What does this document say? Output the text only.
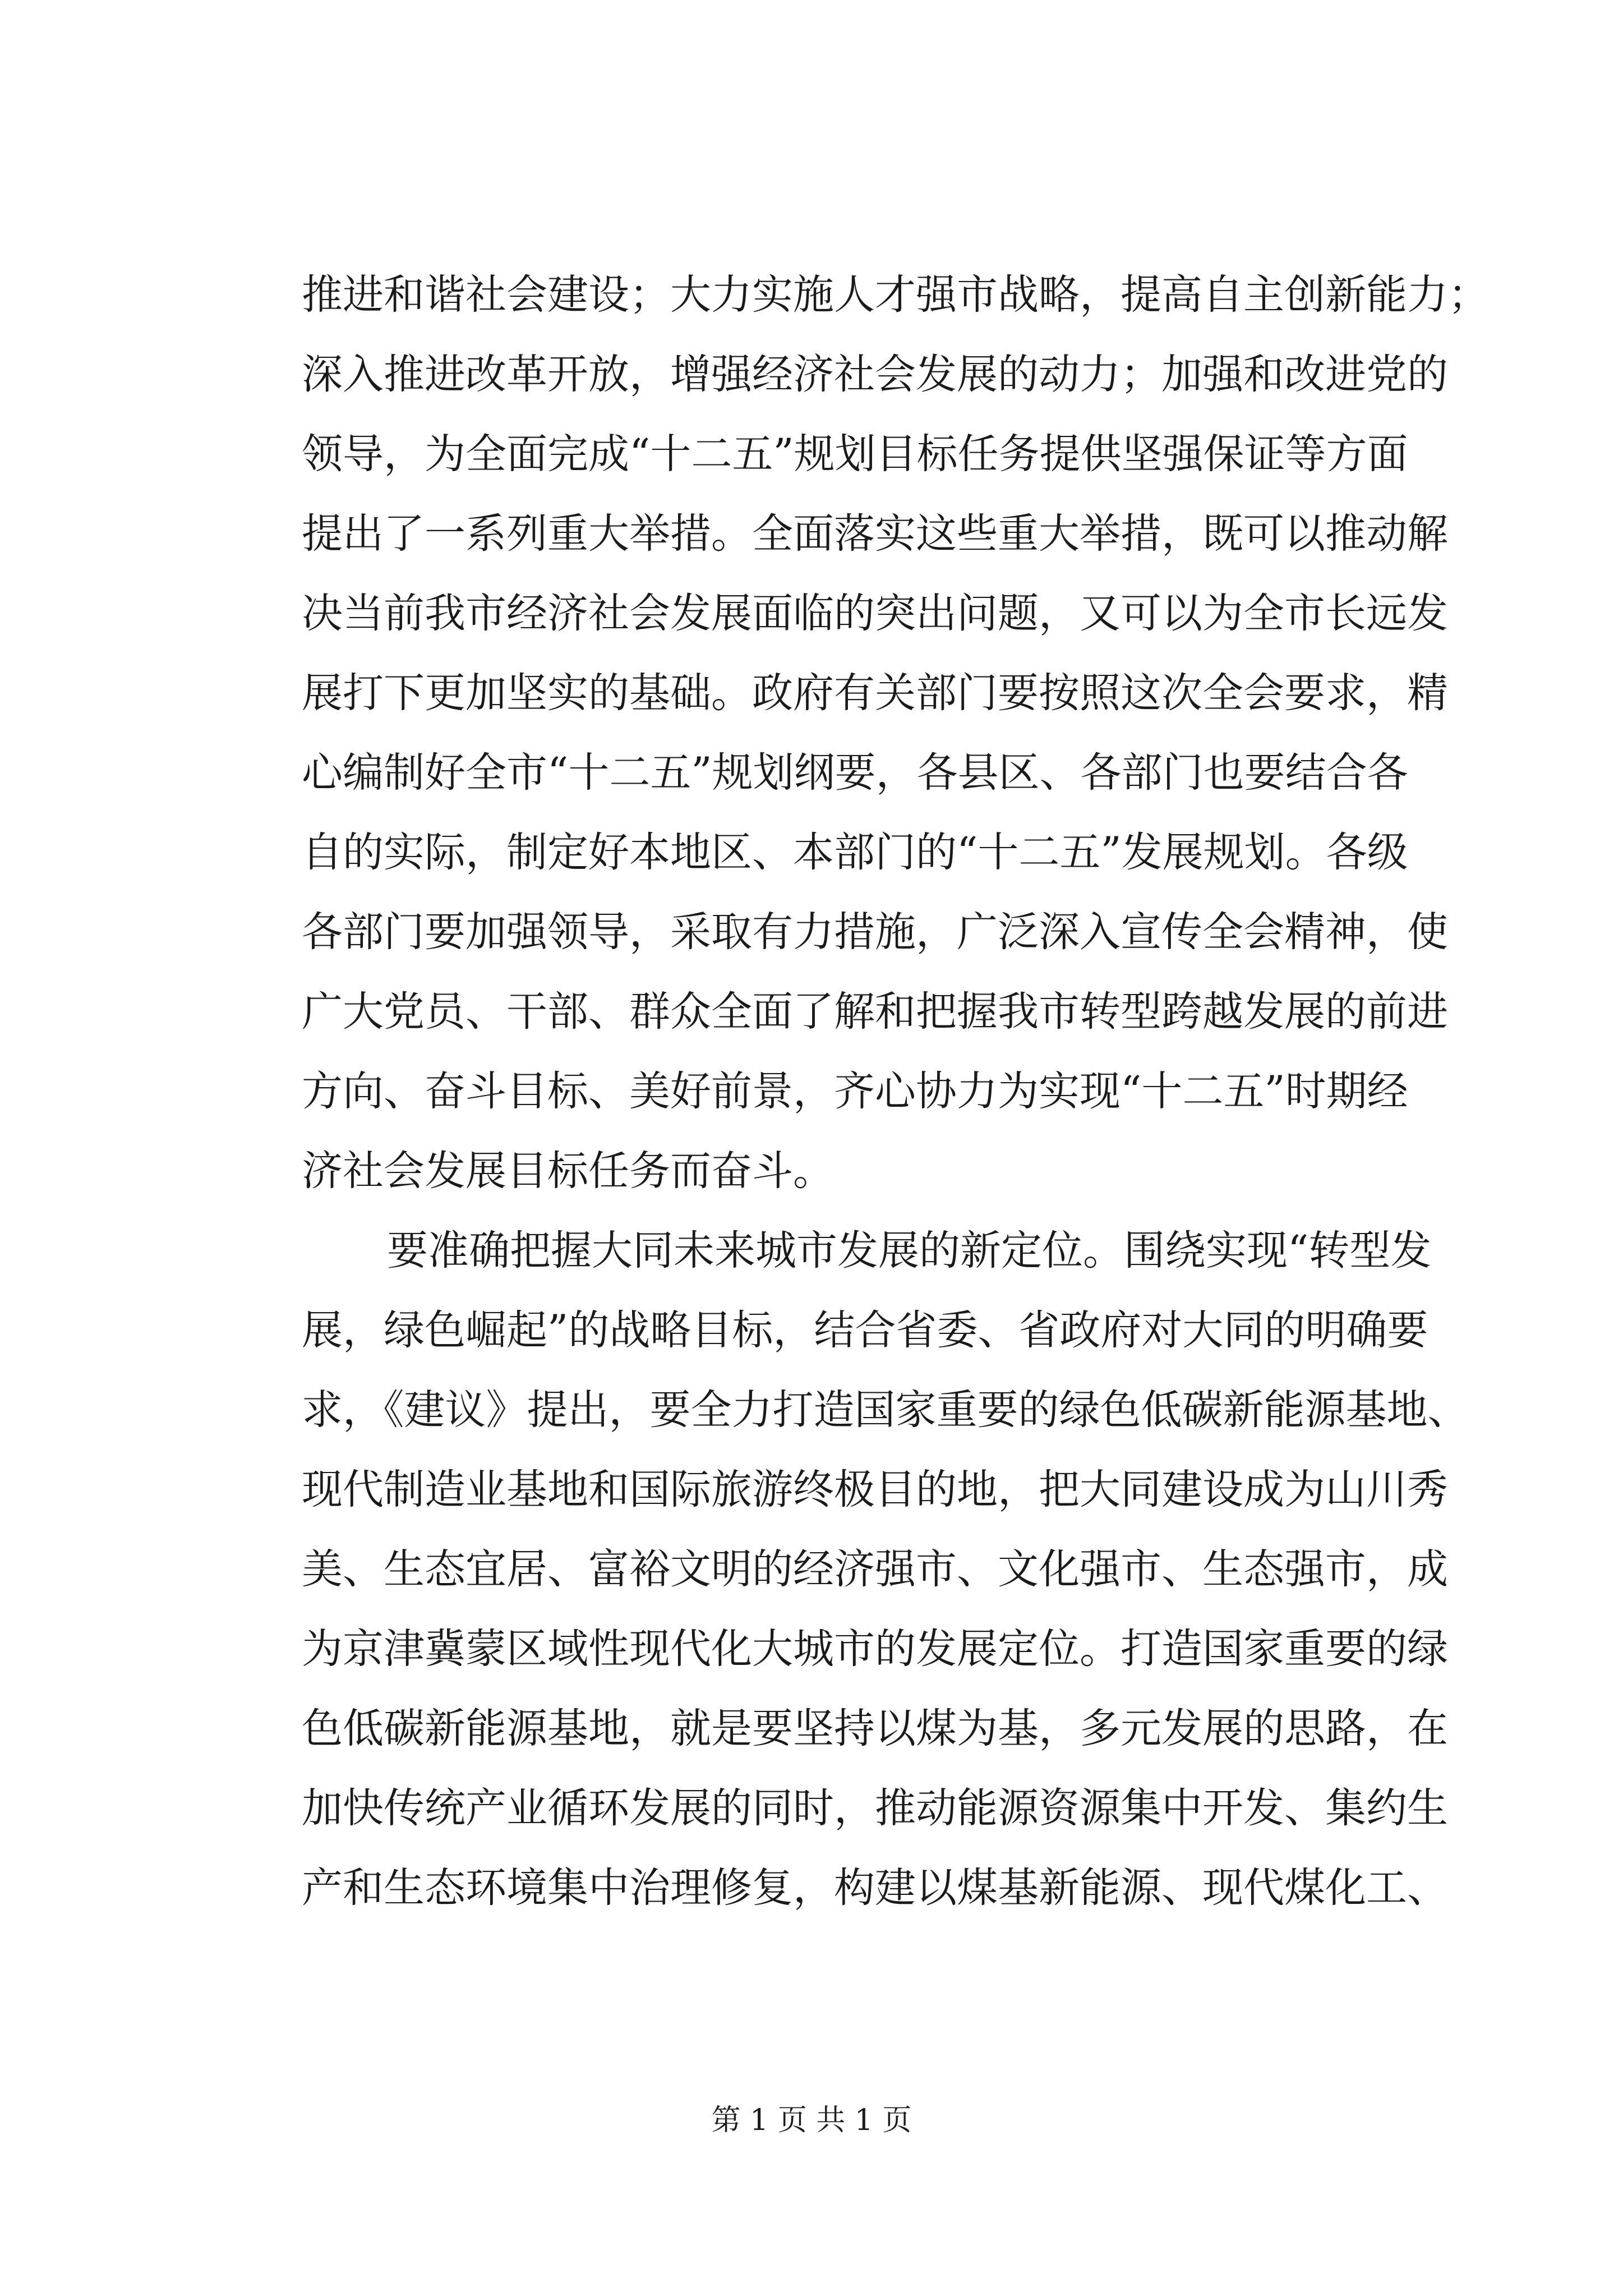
推进和谐社会建设；大力实施人才强市战略，提高自主创新能力；
深入推进改革开放，增强经济社会发展的动力；加强和改进党的
领导，为全面完成“十二五”规划目标任务提供坚强保证等方面
提出了一系列重大举措。全面落实这些重大举措，既可以推动解
决当前我市经济社会发展面临的突出问题，又可以为全市长远发
展打下更加坚实的基础。政府有关部门要按照这次全会要求，精
心编制好全市“十二五”规划纲要，各县区、各部门也要结合各
自的实际，制定好本地区、本部门的“十二五”发展规划。各级
各部门要加强领导，采取有力措施，广泛深入宣传全会精神，使
广大党员、干部、群众全面了解和把握我市转型跨越发展的前进
方向、奋斗目标、美好前景，齐心协力为实现“十二五”时期经
济社会发展目标任务而奋斗。
要准确把握大同未来城市发展的新定位。围绕实现“转型发
展，绿色崛起”的战略目标，结合省委、省政府对大同的明确要
求，《建议》提出，要全力打造国家重要的绿色低碳新能源基地、
现代制造业基地和国际旅游终极目的地，把大同建设成为山川秀
美、生态宜居、富裕文明的经济强市、文化强市、生态强市，成
为京津冀蒙区域性现代化大城市的发展定位。打造国家重要的绿
色低碳新能源基地，就是要坚持以煤为基，多元发展的思路，在
加快传统产业循环发展的同时，推动能源资源集中开发、集约生
产和生态环境集中治理修复，构建以煤基新能源、现代煤化工、
第 1 页 共 1 页
